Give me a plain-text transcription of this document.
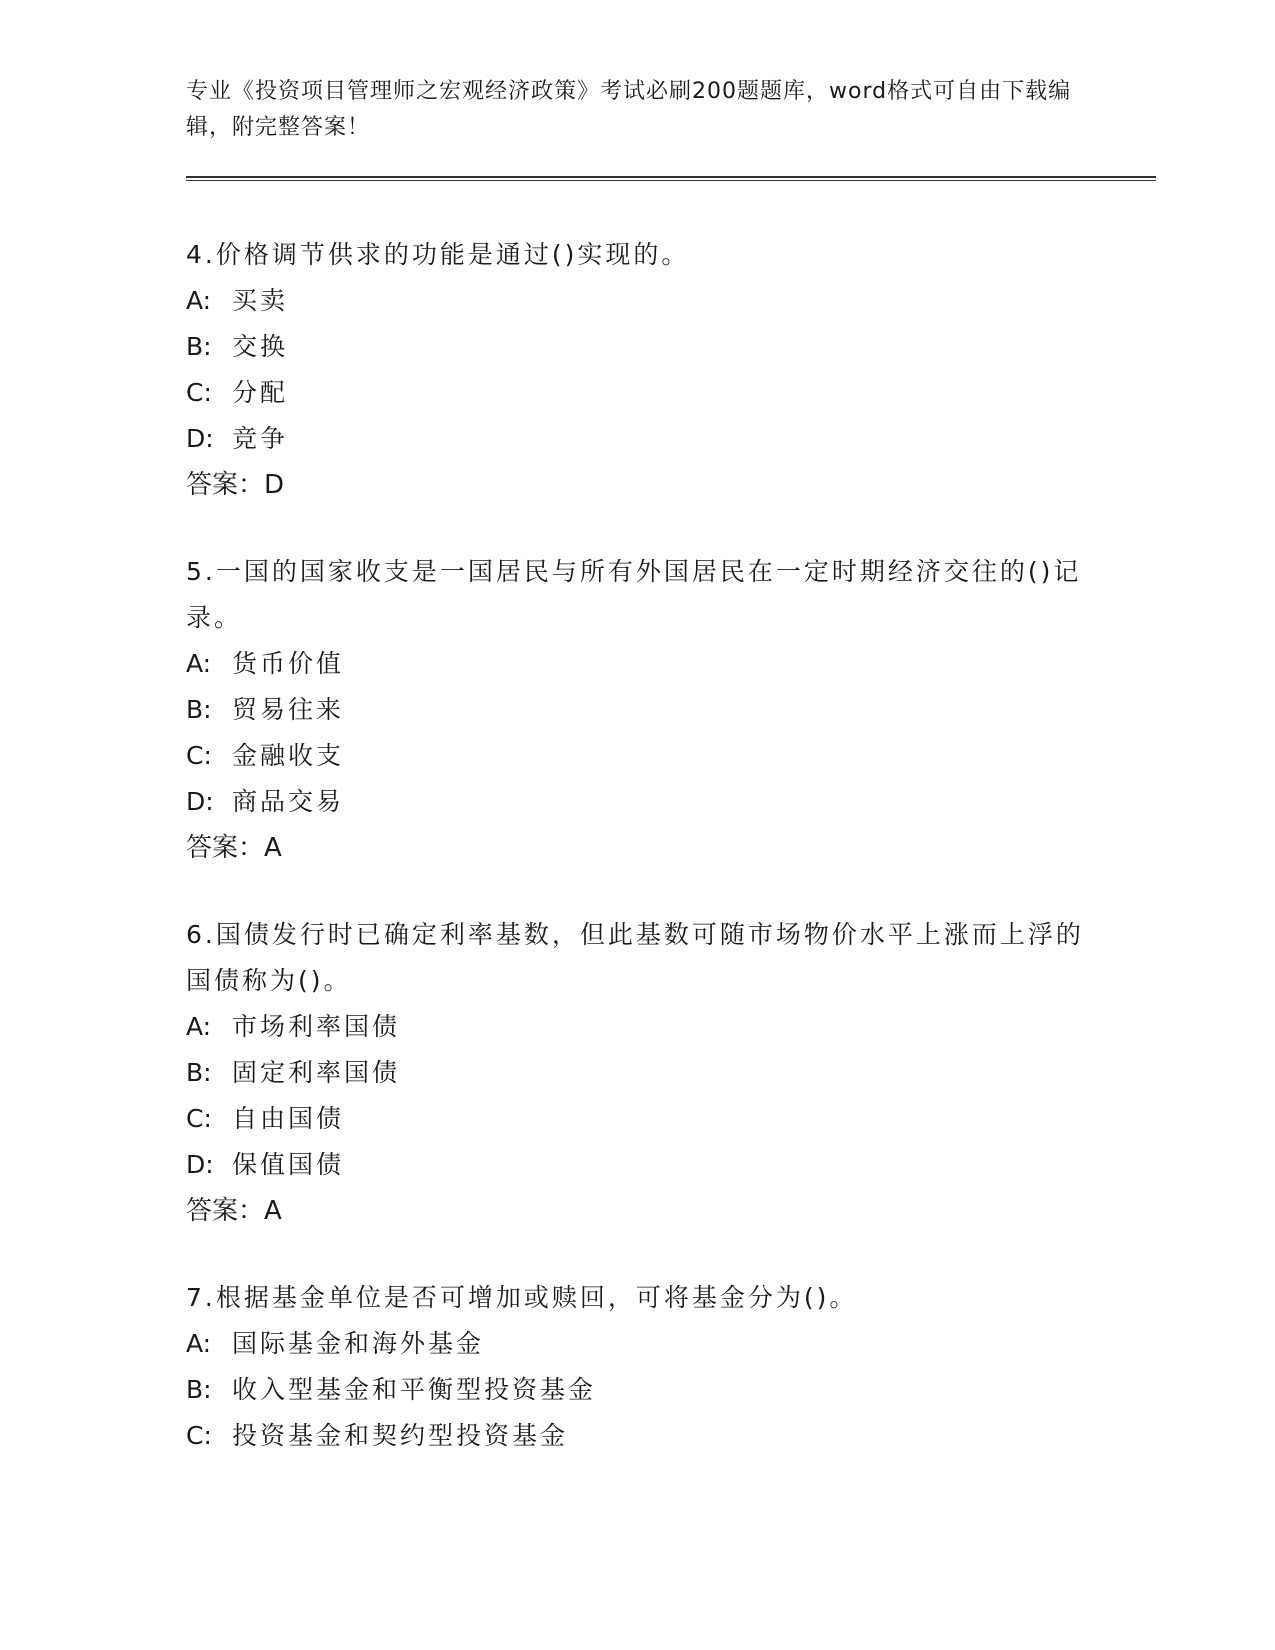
专业《投资项目管理师之宏观经济政策》考试必刷200题题库，word格式可自由下载编辑，附完整答案！
4.价格调节供求的功能是通过()实现的。
A: 买卖
B: 交换
C: 分配
D: 竞争
答案：D
5.一国的国家收支是一国居民与所有外国居民在一定时期经济交往的()记录。
A: 货币价值
B: 贸易往来
C: 金融收支
D: 商品交易
答案：A
6.国债发行时已确定利率基数，但此基数可随市场物价水平上涨而上浮的国债称为()。
A: 市场利率国债
B: 固定利率国债
C: 自由国债
D: 保值国债
答案：A
7.根据基金单位是否可增加或赎回，可将基金分为()。
A: 国际基金和海外基金
B: 收入型基金和平衡型投资基金
C: 投资基金和契约型投资基金
